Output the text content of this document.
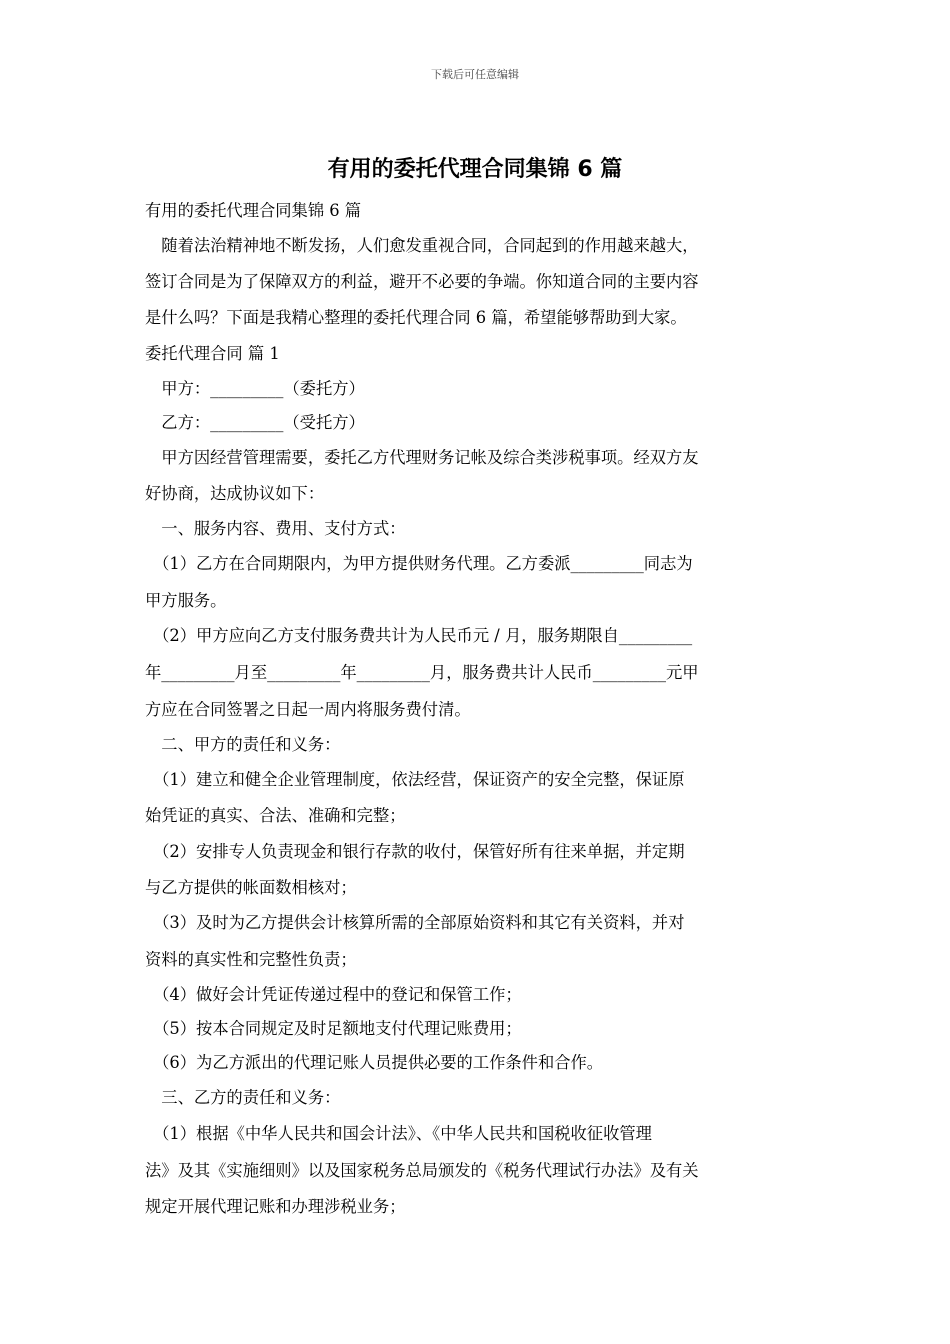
下载后可任意编辑
有用的委托代理合同集锦 6 篇
有用的委托代理合同集锦 6 篇
　随着法治精神地不断发扬，人们愈发重视合同，合同起到的作用越来越大，
签订合同是为了保障双方的利益，避开不必要的争端。你知道合同的主要内容
是什么吗？下面是我精心整理的委托代理合同 6 篇，希望能够帮助到大家。
委托代理合同 篇 1
　甲方：_________（委托方）
　乙方：_________（受托方）
　甲方因经营管理需要，委托乙方代理财务记帐及综合类涉税事项。经双方友
好协商，达成协议如下：
　一、服务内容、费用、支付方式：
　（1）乙方在合同期限内，为甲方提供财务代理。乙方委派_________同志为
甲方服务。
　（2）甲方应向乙方支付服务费共计为人民币元 / 月，服务期限自_________
年_________月至_________年_________月，服务费共计人民币_________元甲
方应在合同签署之日起一周内将服务费付清。
　二、甲方的责任和义务：
　（1）建立和健全企业管理制度，依法经营，保证资产的安全完整，保证原
始凭证的真实、合法、准确和完整；
　（2）安排专人负责现金和银行存款的收付，保管好所有往来单据，并定期
与乙方提供的帐面数相核对；
　（3）及时为乙方提供会计核算所需的全部原始资料和其它有关资料，并对
资料的真实性和完整性负责；
　（4）做好会计凭证传递过程中的登记和保管工作；
　（5）按本合同规定及时足额地支付代理记账费用；
　（6）为乙方派出的代理记账人员提供必要的工作条件和合作。
　三、乙方的责任和义务：
　（1）根据《中华人民共和国会计法》、《中华人民共和国税收征收管理
法》及其《实施细则》以及国家税务总局颁发的《税务代理试行办法》及有关
规定开展代理记账和办理涉税业务；
